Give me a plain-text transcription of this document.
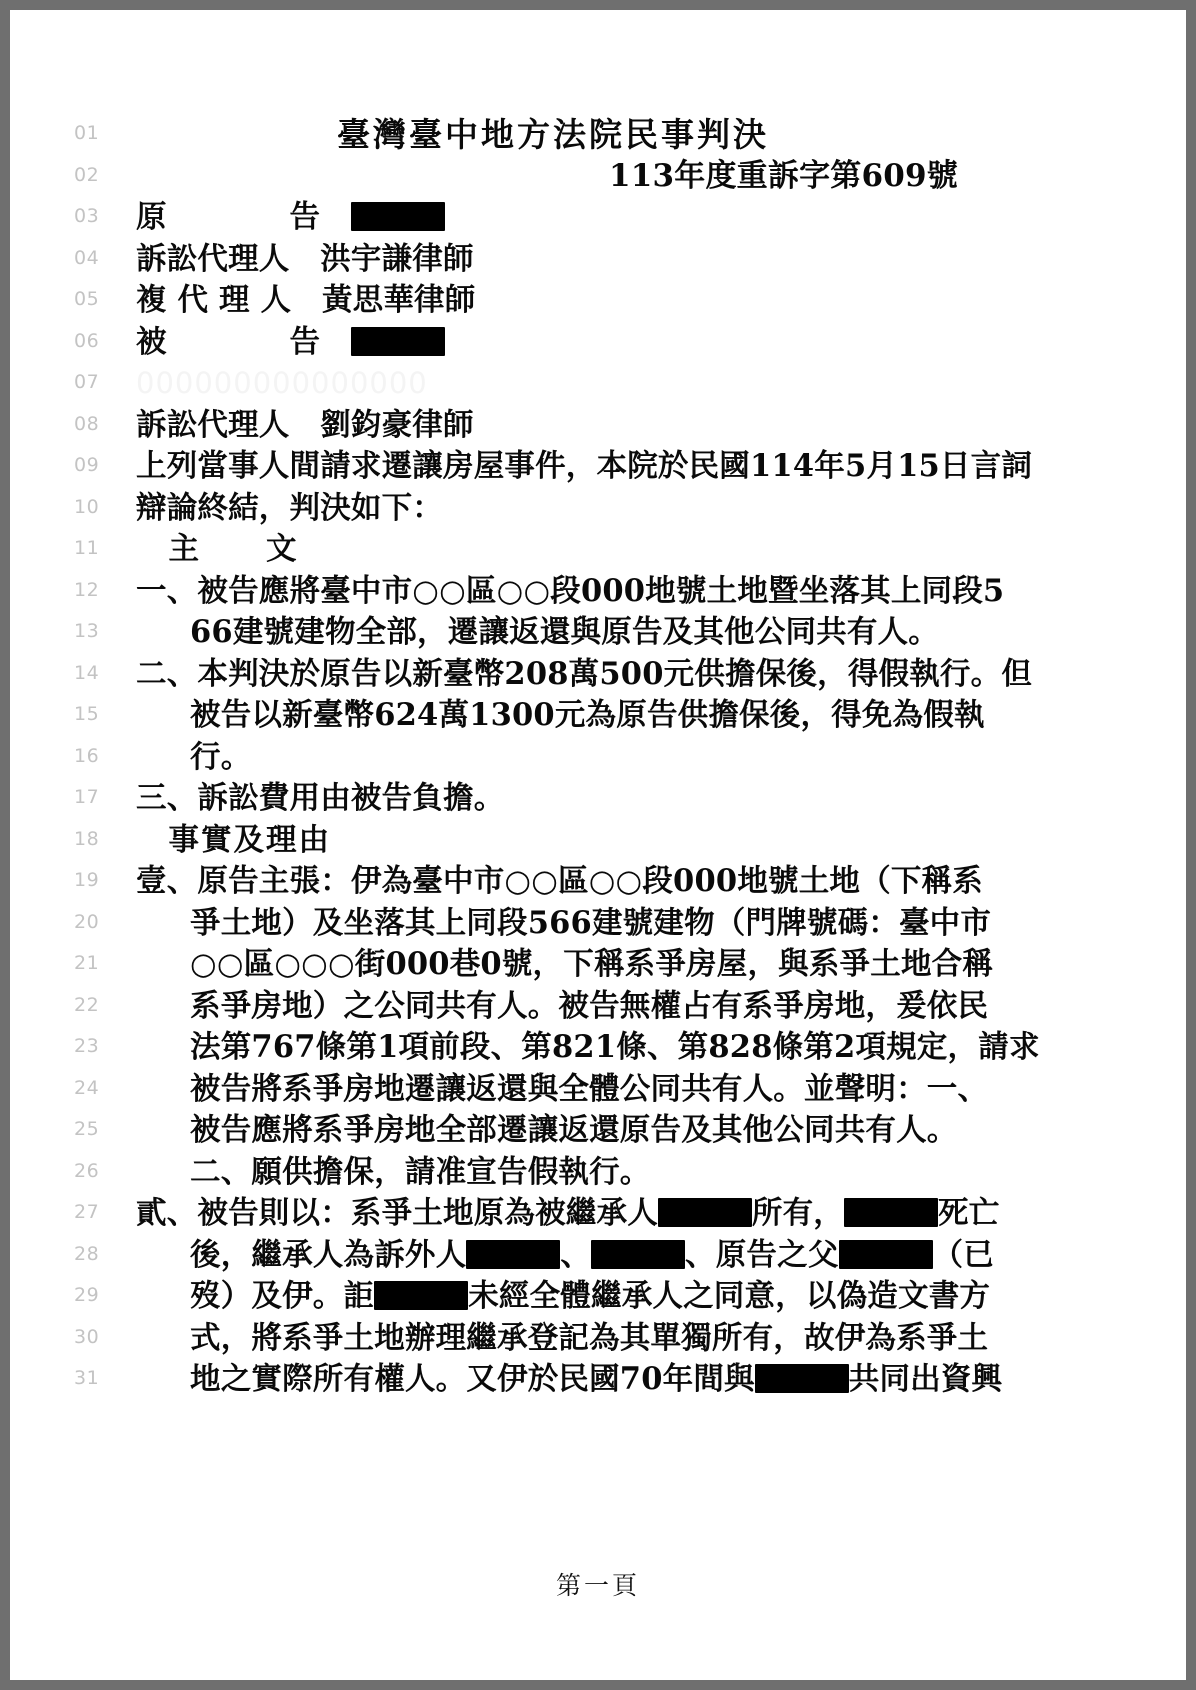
01	臺灣臺中地方法院民事判決
02	113年度重訴字第609號
03	原　　　　告　
04	訴訟代理人　洪宇謙律師
05	複 代 理 人　黃思華律師
06	被　　　　告　
07	000000000000000
08	訴訟代理人　劉鈞豪律師
09	上列當事人間請求遷讓房屋事件，本院於民國114年5月15日言詞
10	辯論終結，判決如下：
11	　主　　文
12	一、被告應將臺中市○○區○○段000地號土地暨坐落其上同段5
13	66建號建物全部，遷讓返還與原告及其他公同共有人。
14	二、本判決於原告以新臺幣208萬500元供擔保後，得假執行。但
15	被告以新臺幣624萬1300元為原告供擔保後，得免為假執
16	行。
17	三、訴訟費用由被告負擔。
18	　事實及理由
19	壹、原告主張：伊為臺中市○○區○○段000地號土地（下稱系
20	爭土地）及坐落其上同段566建號建物（門牌號碼：臺中市
21	○○區○○○街000巷0號，下稱系爭房屋，與系爭土地合稱
22	系爭房地）之公同共有人。被告無權占有系爭房地，爰依民
23	法第767條第1項前段、第821條、第828條第2項規定，請求
24	被告將系爭房地遷讓返還與全體公同共有人。並聲明：一、
25	被告應將系爭房地全部遷讓返還原告及其他公同共有人。
26	二、願供擔保，請准宣告假執行。
27	貳、被告則以：系爭土地原為被繼承人	所有，	死亡
28	後，繼承人為訴外人	、	、原告之父	（已
29	歿）及伊。詎	未經全體繼承人之同意，以偽造文書方
30	式，將系爭土地辦理繼承登記為其單獨所有，故伊為系爭土
31	地之實際所有權人。又伊於民國70年間與	共同出資興
第一頁
